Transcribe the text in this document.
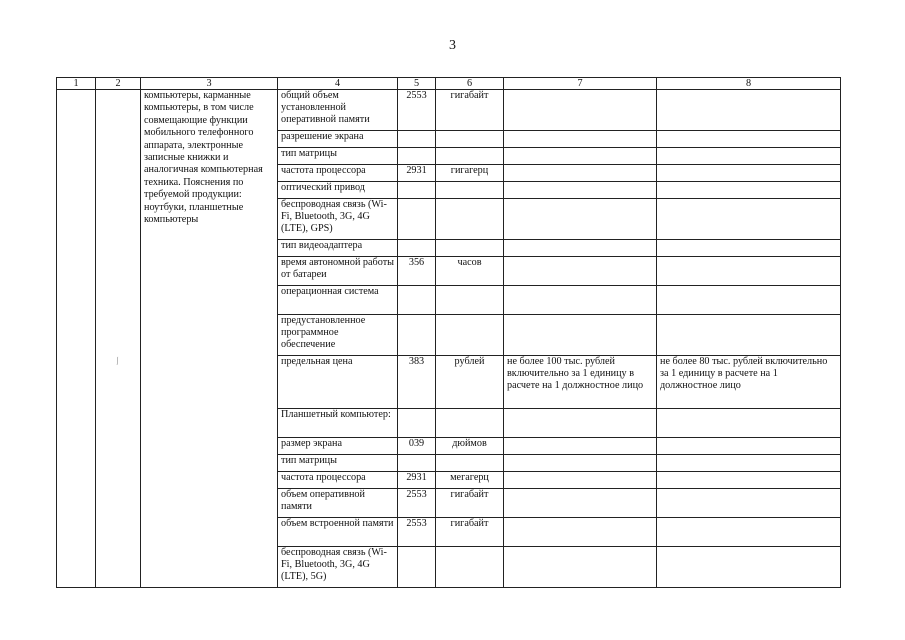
3
⁄
1	2	3	4	5	6	7	8
		компьютеры, карманные компьютеры, в том числе совмещающие функции мобильного телефонного аппарата, электронные записные книжки и аналогичная компьютерная техника. Пояснения по требуемой продукции: ноутбуки, планшетные компьютеры	общий объем установленной оперативной памяти	2553	гигабайт		
			разрешение экрана				
			тип матрицы				
			частота процессора	2931	гигагерц		
			оптический привод				
			беспроводная связь (Wi-Fi, Bluetooth, 3G, 4G (LTE), GPS)				
			тип видеоадаптера				
			время автономной работы от батареи	356	часов		
			операционная система				
			предустановленное программное обеспечение				
			предельная цена	383	рублей	не более 100 тыс. рублей включительно за 1 единицу в расчете на 1 должностное лицо	не более 80 тыс. рублей включительно за 1 единицу в расчете на 1 должностное лицо
			Планшетный компьютер:				
			размер экрана	039	дюймов		
			тип матрицы				
			частота процессора	2931	мегагерц		
			объем оперативной памяти	2553	гигабайт		
			объем встроенной памяти	2553	гигабайт		
			беспроводная связь (Wi-Fi, Bluetooth, 3G, 4G (LTE), 5G)				
